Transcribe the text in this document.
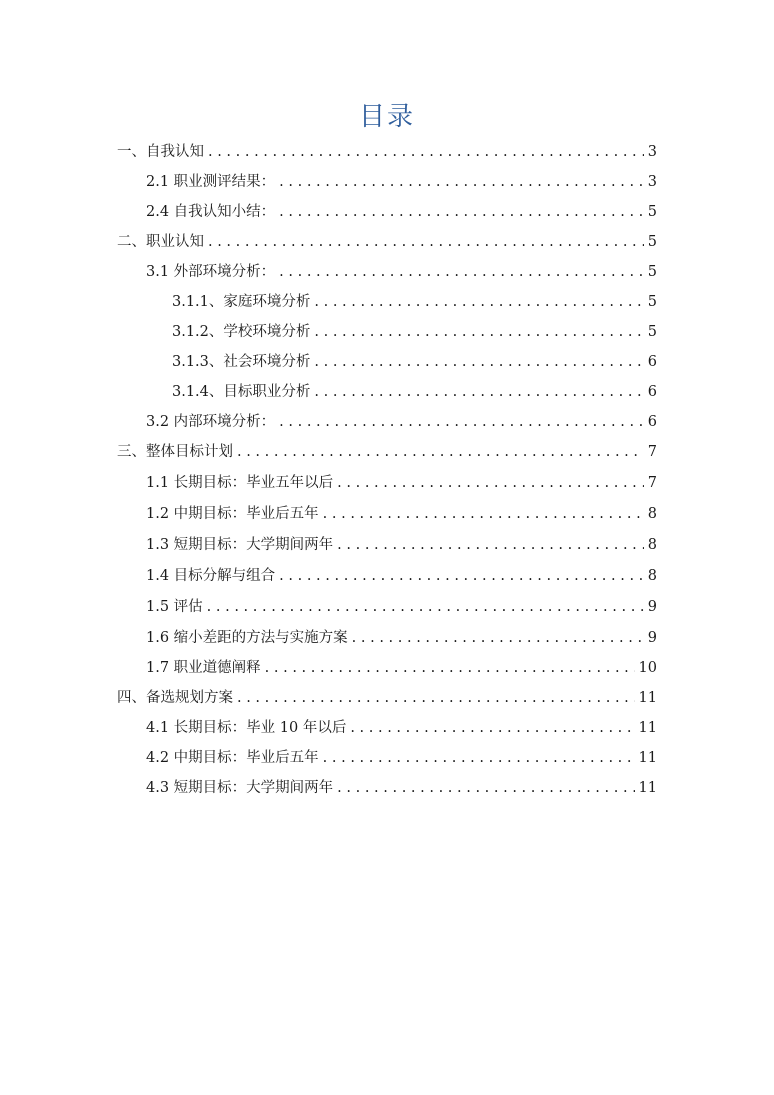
目录
一、自我认知 . . .	3
2.1 职业测评结果： . . .	3
2.4 自我认知小结： . . .	5
二、职业认知 . . .	5
3.1 外部环境分析： . . .	5
3.1.1、家庭环境分析 . . .	5
3.1.2、学校环境分析 . . .	5
3.1.3、社会环境分析 . . .	6
3.1.4、目标职业分析 . . .	6
3.2 内部环境分析： . . .	6
三、整体目标计划 . . .	7
1.1 长期目标：毕业五年以后 . . .	7
1.2 中期目标：毕业后五年 . . .	8
1.3 短期目标：大学期间两年 . . .	8
1.4 目标分解与组合 . . .	8
1.5 评估 . . .	9
1.6 缩小差距的方法与实施方案 . . .	9
1.7 职业道德阐释 . . .	10
四、备选规划方案 . . .	11
4.1 长期目标：毕业 10 年以后 . . .	11
4.2 中期目标：毕业后五年 . . .	11
4.3 短期目标：大学期间两年 . . .	11
